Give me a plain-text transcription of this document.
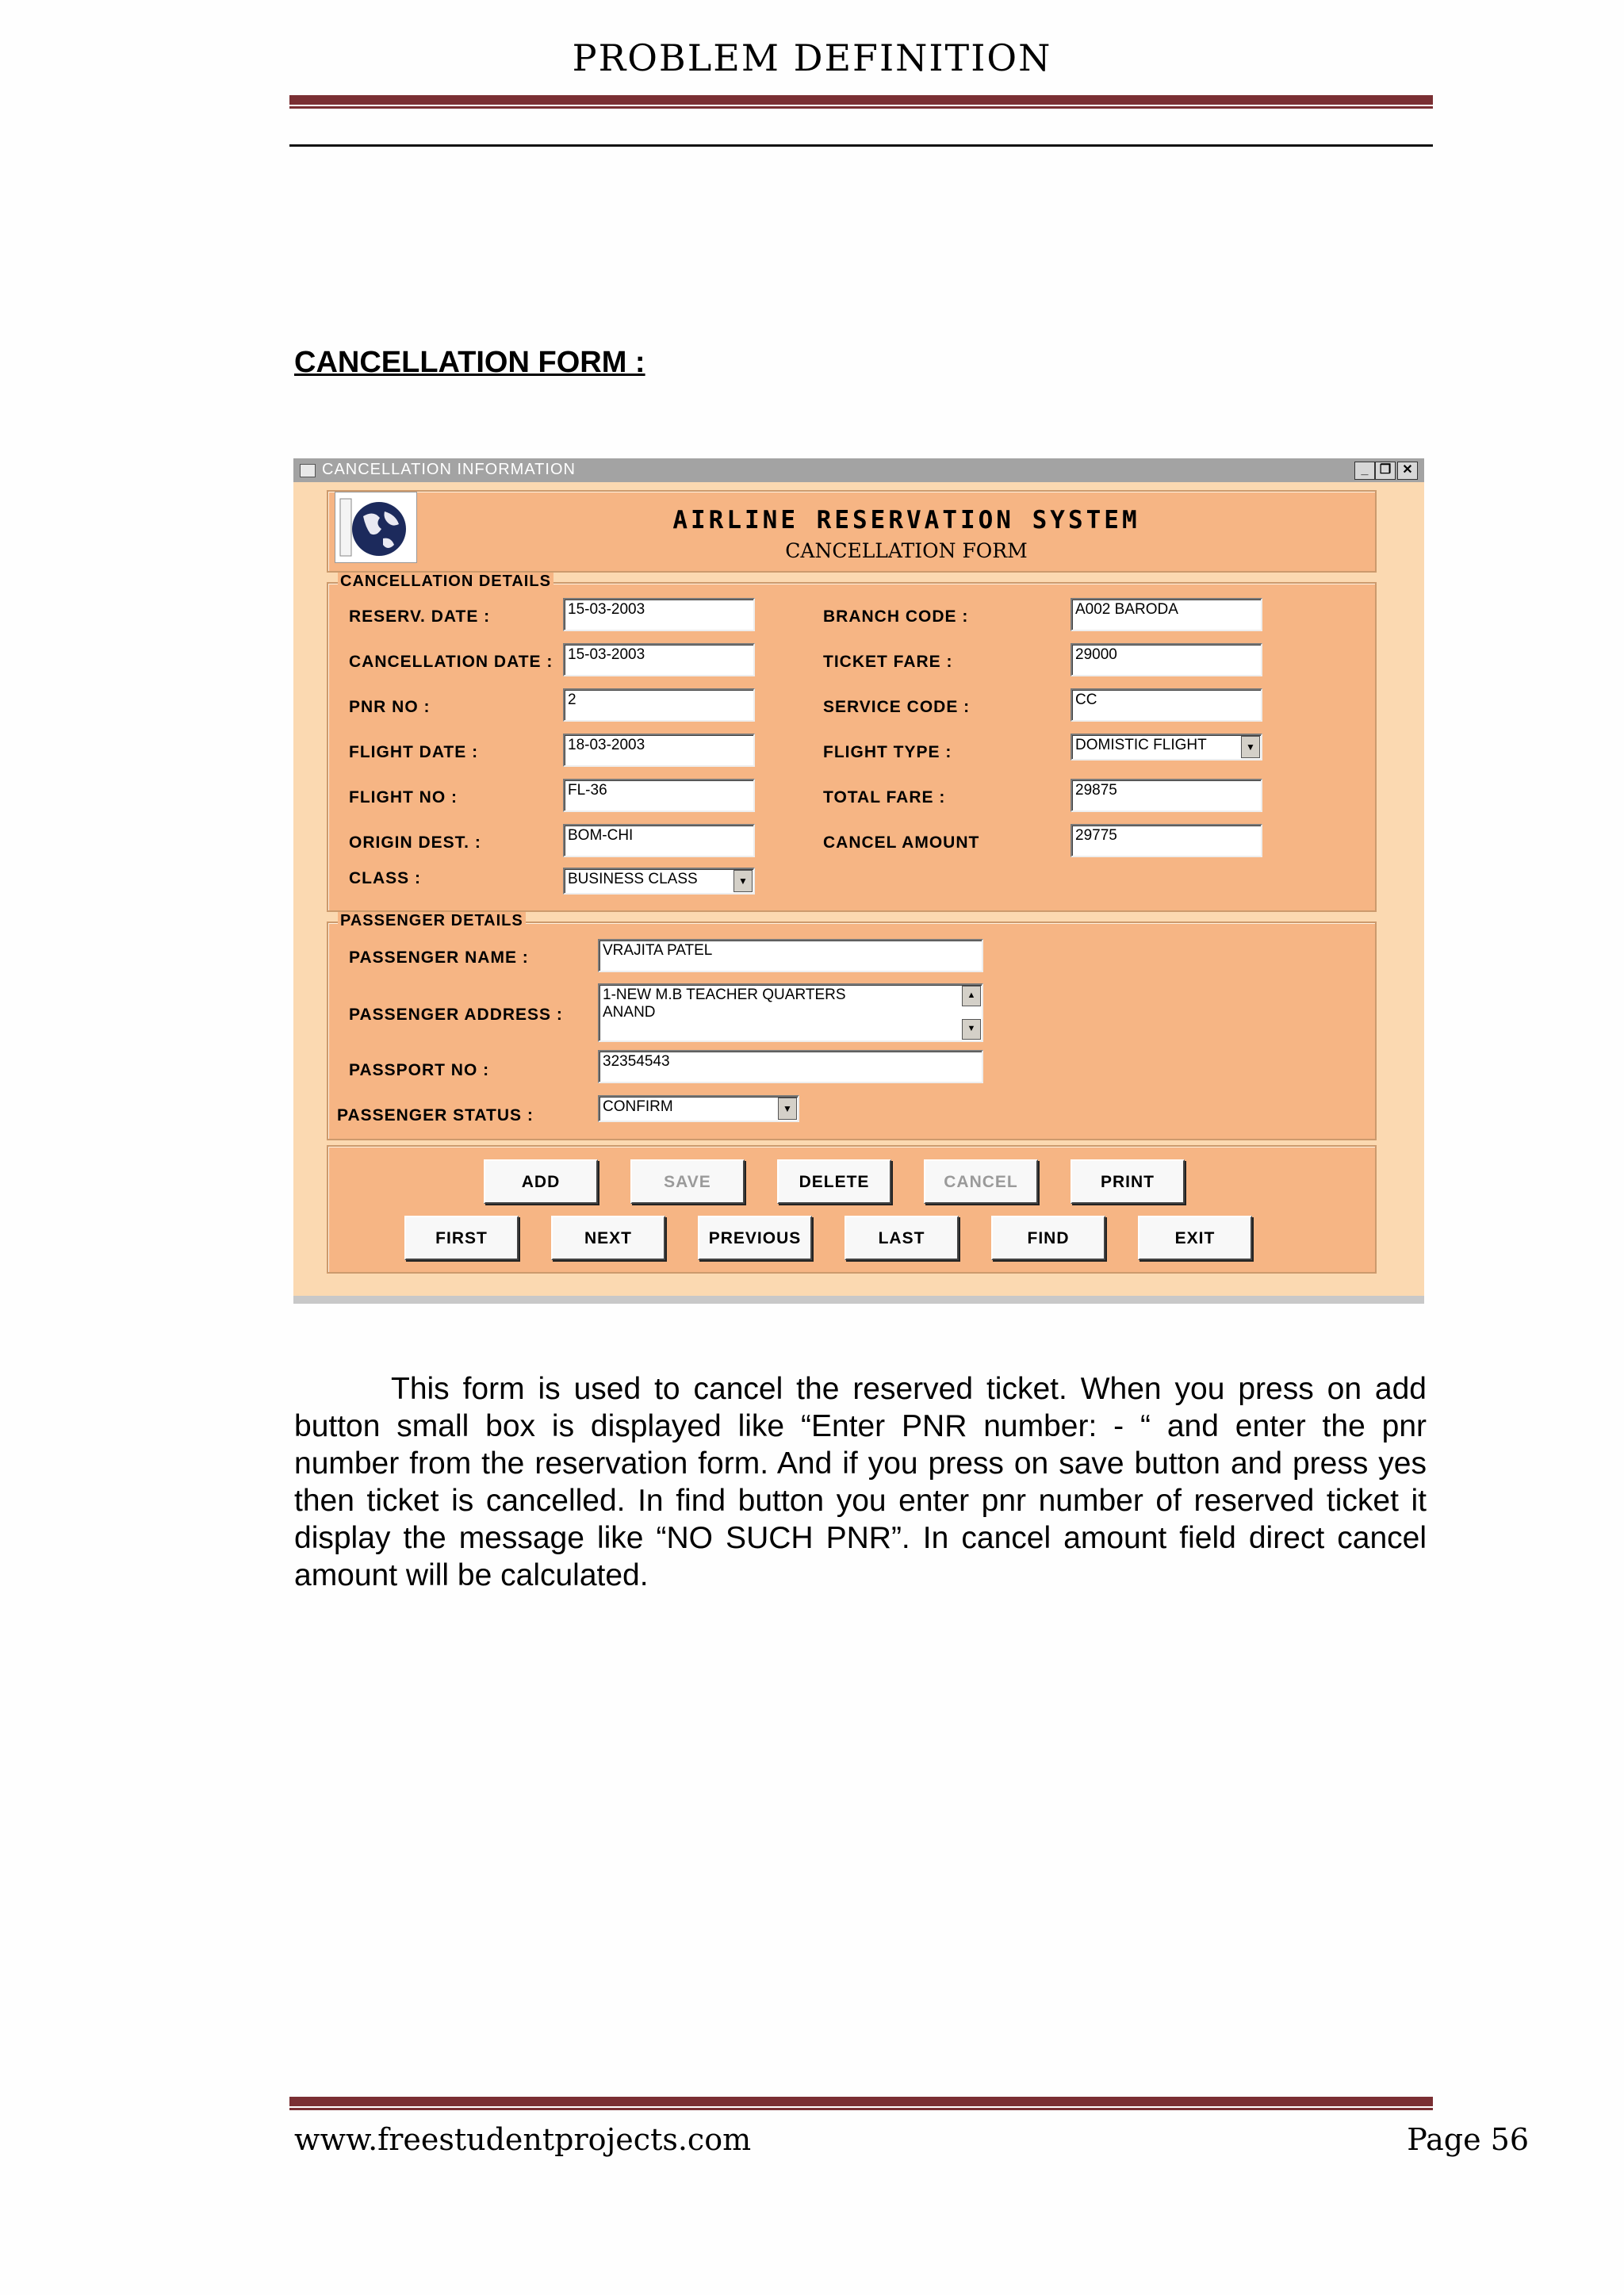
PROBLEM DEFINITION
CANCELLATION FORM :
CANCELLATION INFORMATION	_ ❐ ✕
AIRLINE RESERVATION SYSTEM
CANCELLATION FORM
CANCELLATION DETAILS
RESERV. DATE :	15-03-2003
CANCELLATION DATE : 15-03-2003
PNR NO :	2
FLIGHT DATE :	18-03-2003
FLIGHT NO :	FL-36
ORIGIN DEST. :	BOM-CHI
CLASS :	BUSINESS CLASS	▼
BRANCH CODE :	A002 BARODA
TICKET FARE :	29000
SERVICE CODE :	CC
FLIGHT TYPE :	DOMISTIC FLIGHT	▼
TOTAL FARE :	29875
CANCEL AMOUNT	29775
PASSENGER DETAILS
PASSENGER NAME :	VRAJITA PATEL
PASSENGER ADDRESS :
1-NEW M.B TEACHER QUARTERS
ANAND
▲
▼
PASSPORT NO :	32354543
PASSENGER STATUS :	CONFIRM	▼
ADD	SAVE	DELETE	CANCEL	PRINT
FIRST	NEXT	PREVIOUS	LAST	FIND	EXIT
This form is used to cancel the reserved ticket. When you press on add button small box is displayed like “Enter PNR number: - “ and enter the pnr number from the reservation form. And if you press on save button and press yes then ticket is cancelled. In find button you enter pnr number of reserved ticket it display the message like “NO SUCH PNR”. In cancel amount field direct cancel amount will be calculated.
www.freestudentprojects.com	Page 56
